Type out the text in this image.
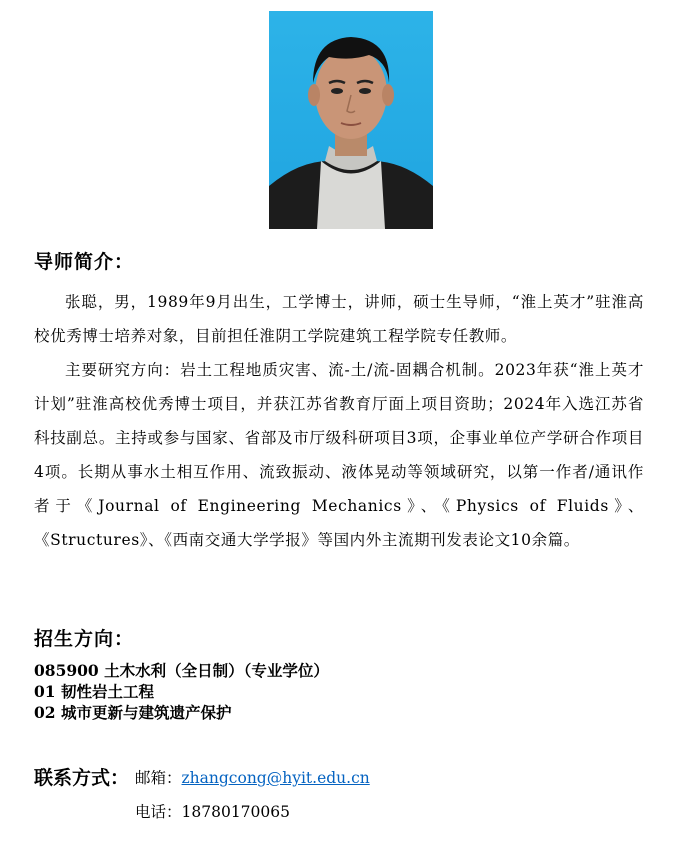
导师简介：
张聪，男，1989年9月出生，工学博士，讲师，硕士生导师，“淮上英才”驻淮高校优秀博士培养对象，目前担任淮阴工学院建筑工程学院专任教师。
主要研究方向：岩土工程地质灾害、流-土/流-固耦合机制。2023年获“淮上英才计划”驻淮高校优秀博士项目，并获江苏省教育厅面上项目资助；2024年入选江苏省科技副总。主持或参与国家、省部及市厅级科研项目3项，企事业单位产学研合作项目4项。长期从事水土相互作用、流致振动、液体晃动等领域研究，以第一作者/通讯作者于《Journal of Engineering Mechanics》、《Physics of Fluids》、《Structures》、《西南交通大学学报》等国内外主流期刊发表论文10余篇。
招生方向：
085900 土木水利（全日制）（专业学位）
01 韧性岩土工程
02 城市更新与建筑遗产保护
联系方式： 邮箱：zhangcong@hyit.edu.cn
电话：18780170065
